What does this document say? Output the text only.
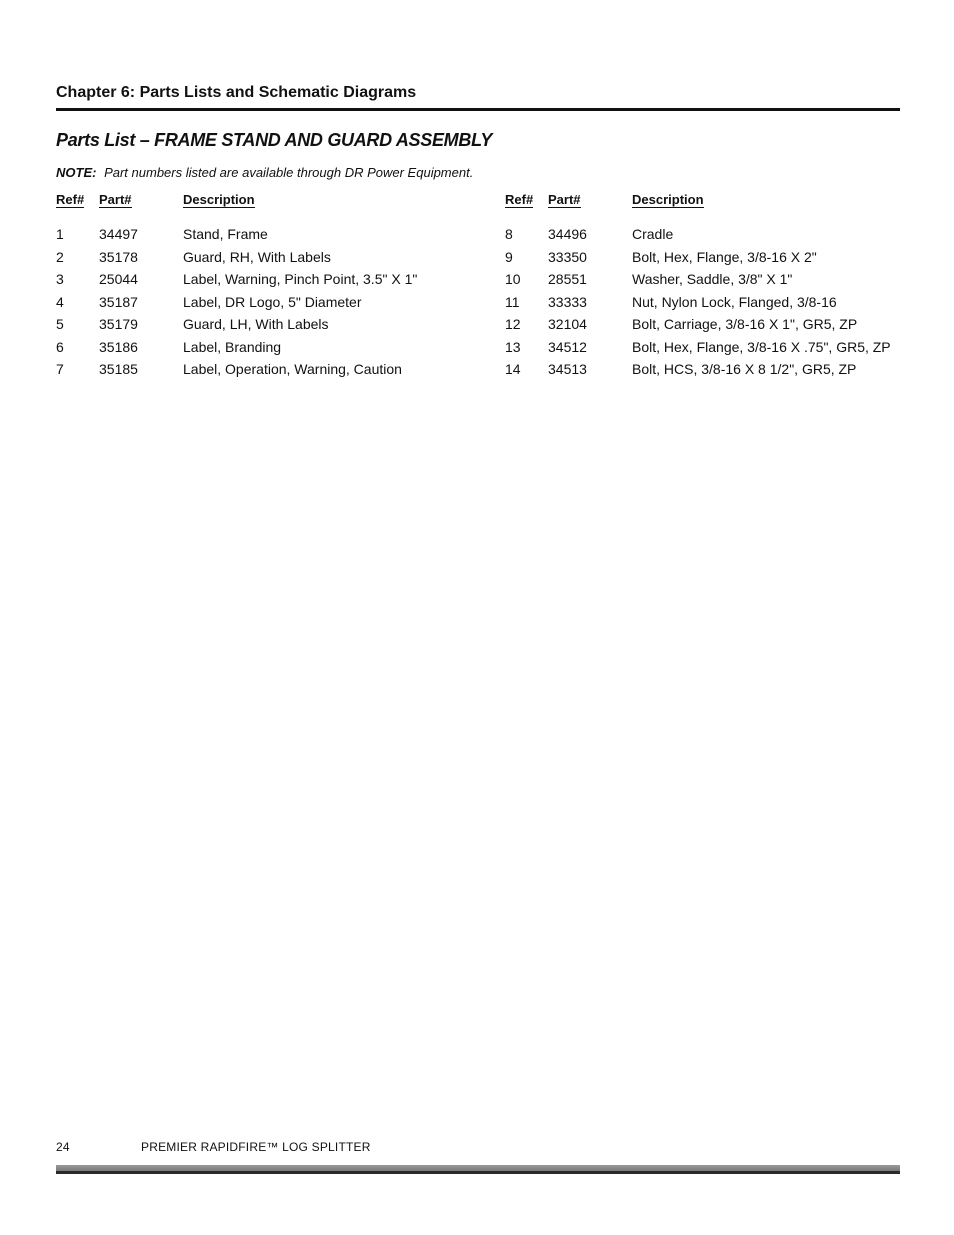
Chapter 6: Parts Lists and Schematic Diagrams
Parts List – FRAME STAND AND GUARD ASSEMBLY
NOTE: Part numbers listed are available through DR Power Equipment.
Ref#	Part#	Description
1	34497	Stand, Frame
2	35178	Guard, RH, With Labels
3	25044	Label, Warning, Pinch Point, 3.5" X 1"
4	35187	Label, DR Logo, 5" Diameter
5	35179	Guard, LH, With Labels
6	35186	Label, Branding
7	35185	Label, Operation, Warning, Caution
Ref#	Part#	Description
8	34496	Cradle
9	33350	Bolt, Hex, Flange, 3/8-16 X 2"
10	28551	Washer, Saddle, 3/8" X 1"
11	33333	Nut, Nylon Lock, Flanged, 3/8-16
12	32104	Bolt, Carriage, 3/8-16 X 1", GR5, ZP
13	34512	Bolt, Hex, Flange, 3/8-16 X .75", GR5, ZP
14	34513	Bolt, HCS, 3/8-16 X 8 1/2", GR5, ZP
24	PREMIER RAPIDFIRE™ LOG SPLITTER
